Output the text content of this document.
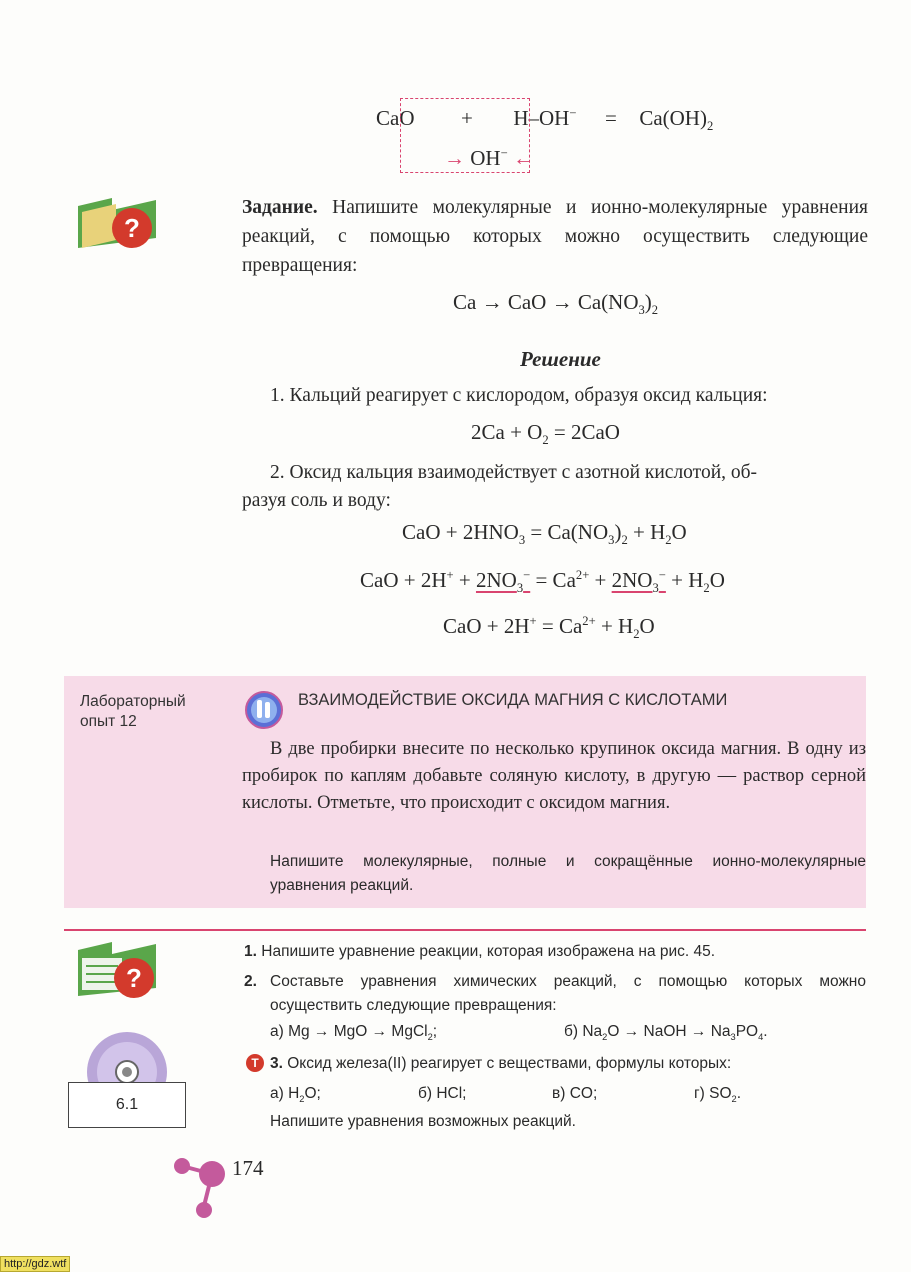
CaO + $H-OH^- = Ca(OH)_2$
→ OH− ←
?
Задание. Напишите молекулярные и ионно-молекулярные уравнения реакций, с помощью которых можно осуществить следующие превращения:
Ca → CaO → $Ca(NO_3)_2$
Решение
1. Кальций реагирует с кислородом, образуя оксид кальция:
$2Ca + O_2 = 2CaO$
2. Оксид кальция взаимодействует с азотной кислотой, об-
разуя соль и воду:
CaO + $2HNO_3 = Ca(NO_3)_2 + H_2O$
CaO + $2H^+ + 2NO_3^- = Ca^{2+} + 2NO_3^- + H_2O$
CaO + $2H^+ = Ca^{2+} + H_2O$
Лабораторный
опыт 12
ВЗАИМОДЕЙСТВИЕ ОКСИДА МАГНИЯ С КИСЛОТАМИ
В две пробирки внесите по несколько крупинок оксида магния. В одну из пробирок по каплям добавьте соляную кислоту, в другую — раствор серной кислоты. Отметьте, что происходит с оксидом магния.
Напишите молекулярные, полные и сокращённые ионно-молекулярные уравнения реакций.
?
1. Напишите уравнение реакции, которая изображена на рис. 45.
2. Составьте уравнения химических реакций, с помощью которых можно осуществить следующие превращения:
а) Mg → MgO → MgCl$_2$;	б) $Na_2O$ → NaOH → $Na_3PO_4$.
T 3. Оксид железа(II) реагирует с веществами, формулы которых:
а) $H_2O$;	б) HCl;	в) CO;	г) $SO_2$.
Напишите уравнения возможных реакций.
6.1
174
http://gdz.wtf
